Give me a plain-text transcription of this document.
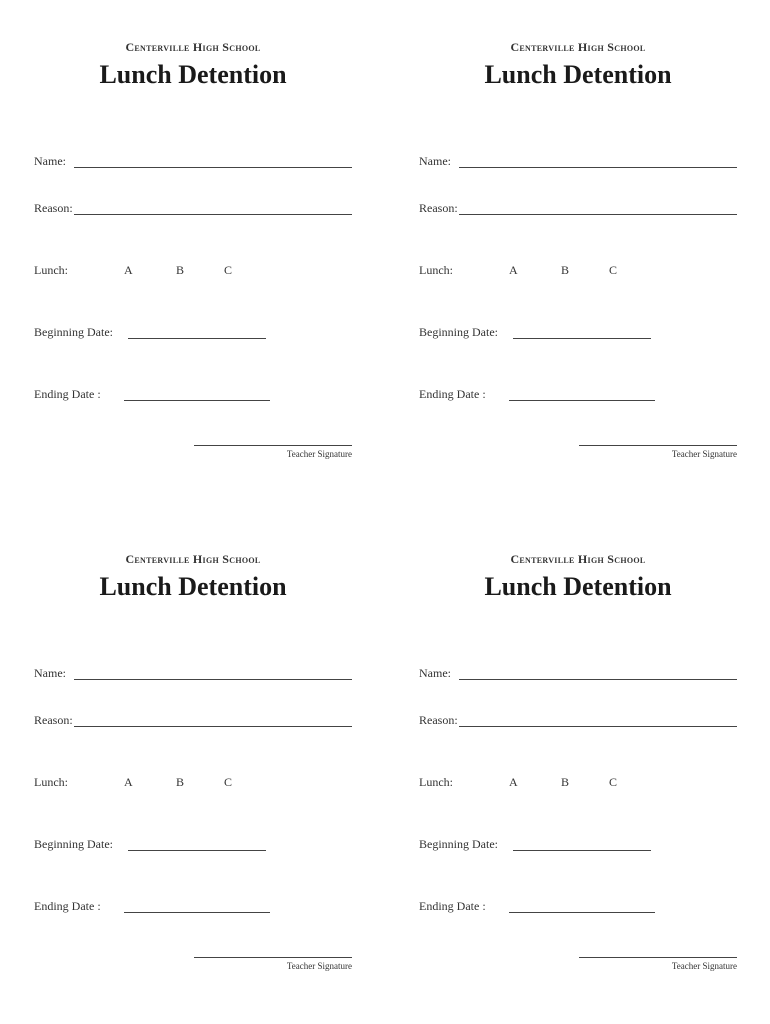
Centerville High School
Lunch Detention
Name:
Reason:
Lunch:	A	B	C
Beginning Date:
Ending Date :
Teacher Signature
Centerville High School
Lunch Detention
Name:
Reason:
Lunch:	A	B	C
Beginning Date:
Ending Date :
Teacher Signature
Centerville High School
Lunch Detention
Name:
Reason:
Lunch:	A	B	C
Beginning Date:
Ending Date :
Teacher Signature
Centerville High School
Lunch Detention
Name:
Reason:
Lunch:	A	B	C
Beginning Date:
Ending Date :
Teacher Signature
